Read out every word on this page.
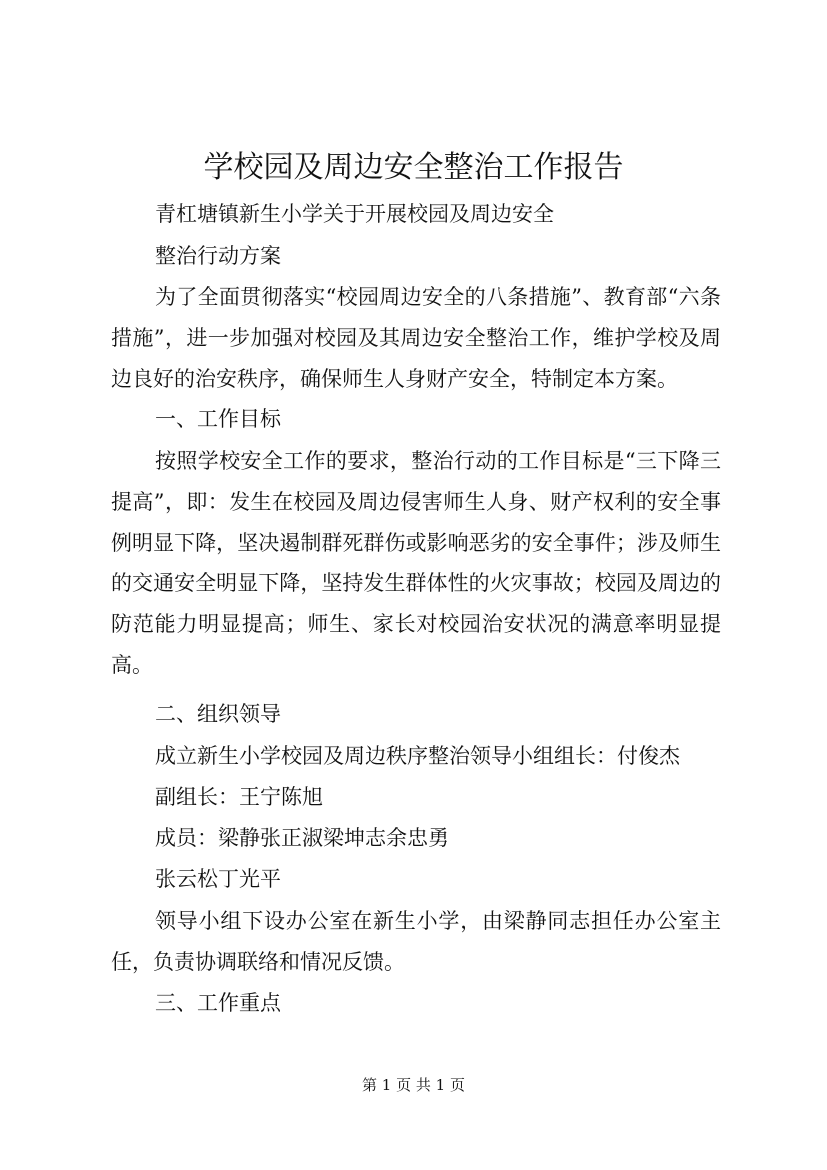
学校园及周边安全整治工作报告

青杠塘镇新生小学关于开展校园及周边安全

整治行动方案

为了全面贯彻落实“校园周边安全的八条措施”、教育部“六条措施”，进一步加强对校园及其周边安全整治工作，维护学校及周边良好的治安秩序，确保师生人身财产安全，特制定本方案。

一、工作目标

按照学校安全工作的要求，整治行动的工作目标是“三下降三提高”，即：发生在校园及周边侵害师生人身、财产权利的安全事例明显下降，坚决遏制群死群伤或影响恶劣的安全事件；涉及师生的交通安全明显下降，坚持发生群体性的火灾事故；校园及周边的防范能力明显提高；师生、家长对校园治安状况的满意率明显提高。

二、组织领导

成立新生小学校园及周边秩序整治领导小组组长：付俊杰

副组长：王宁陈旭

成员：梁静张正淑梁坤志余忠勇

张云松丁光平

领导小组下设办公室在新生小学，由梁静同志担任办公室主任，负责协调联络和情况反馈。

三、工作重点

第 1 页 共 1 页
